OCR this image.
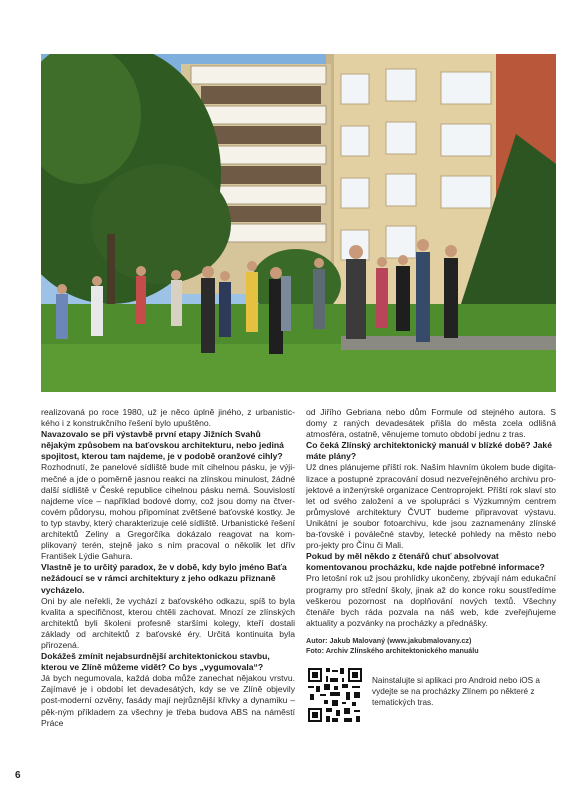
realizovaná po roce 1980, už je něco úplně jiného, z urbanistic-kého i z konstrukčního řešení bylo upuštěno.

Navazovalo se při výstavbě první etapy Jižních Svahů nějakým způsobem na baťovskou architekturu, nebo jediná spojitost, kterou tam najdeme, je v podobě oranžové cihly?

Rozhodnutí, že panelové sídliště bude mít cihelnou pásku, je výji-mečné a jde o poměrně jasnou reakci na zlínskou minulost, žádné další sídliště v České republice cihelnou pásku nemá. Souvislostí najdeme více – například bodové domy, což jsou domy na čtver-covém půdorysu, mohou připomínat zvětšené baťovské kostky. Je to typ stavby, který charakterizuje celé sídliště. Urbanistické řešení architektů Zeliny a Gregorčíka dokázalo reagovat na kom-plikovaný terén, stejně jako s ním pracoval o několik let dřív František Lýdie Gahura.

Vlastně je to určitý paradox, že v době, kdy bylo jméno Baťa nežádoucí se v rámci architektury z jeho odkazu přiznaně vycházelo.

Oni by ale neřekli, že vychází z baťovského odkazu, spíš to byla kvalita a specifičnost, kterou chtěli zachovat. Mnozí ze zlínských architektů byli školeni profesně staršími kolegy, kteří dostali základy od architektů z baťovské éry. Určitá kontinuita byla přirozená.

Dokážeš zmínit nejabsurdnější architektonickou stavbu, kterou ve Zlíně můžeme vidět? Co bys „vygumovala“?

Já bych negumovala, každá doba může zanechat nějakou vrstvu. Zajímavé je i období let devadesátých, kdy se ve Zlíně objevily post-moderní ozvěny, fasády mají nejrůznější křivky a dynamiku – pěk-ným příkladem za všechny je třeba budova ABS na náměstí Práce

od Jiřího Gebriana nebo dům Formule od stejného autora. S domy z raných devadesátek přišla do města zcela odlišná atmosféra, ostatně, věnujeme tomuto období jednu z tras.

Co čeká Zlínský architektonický manuál v blízké době? Jaké máte plány?

Už dnes plánujeme příští rok. Naším hlavním úkolem bude digita-lizace a postupné zpracování dosud nezveřejněného archivu pro-jektové a inženýrské organizace Centroprojekt. Příští rok slaví sto let od svého založení a ve spolupráci s Výzkumným centrem průmyslové architektury ČVUT budeme připravovat výstavu. Unikátní je soubor fotoarchivu, kde jsou zaznamenány zlínské ba-ťovské i poválečné stavby, letecké pohledy na město nebo pro-jekty pro Čínu či Mali.

Pokud by měl někdo z čtenářů chuť absolvovat komentovanou procházku, kde najde potřebné informace?

Pro letošní rok už jsou prohlídky ukončeny, zbývají nám edukační programy pro střední školy, jinak až do konce roku soustředíme veškerou pozornost na doplňování nových textů. Všechny čtenáře bych ráda pozvala na náš web, kde zveřejňujeme aktuality a pozvánky na procházky a přednášky.

Autor: Jakub Malovaný (www.jakubmalovany.cz)
Foto: Archiv Zlínského architektonického manuálu
Nainstalujte si aplikaci pro Android nebo iOS a vydejte se na procházky Zlínem po některé z tematických tras.
6
